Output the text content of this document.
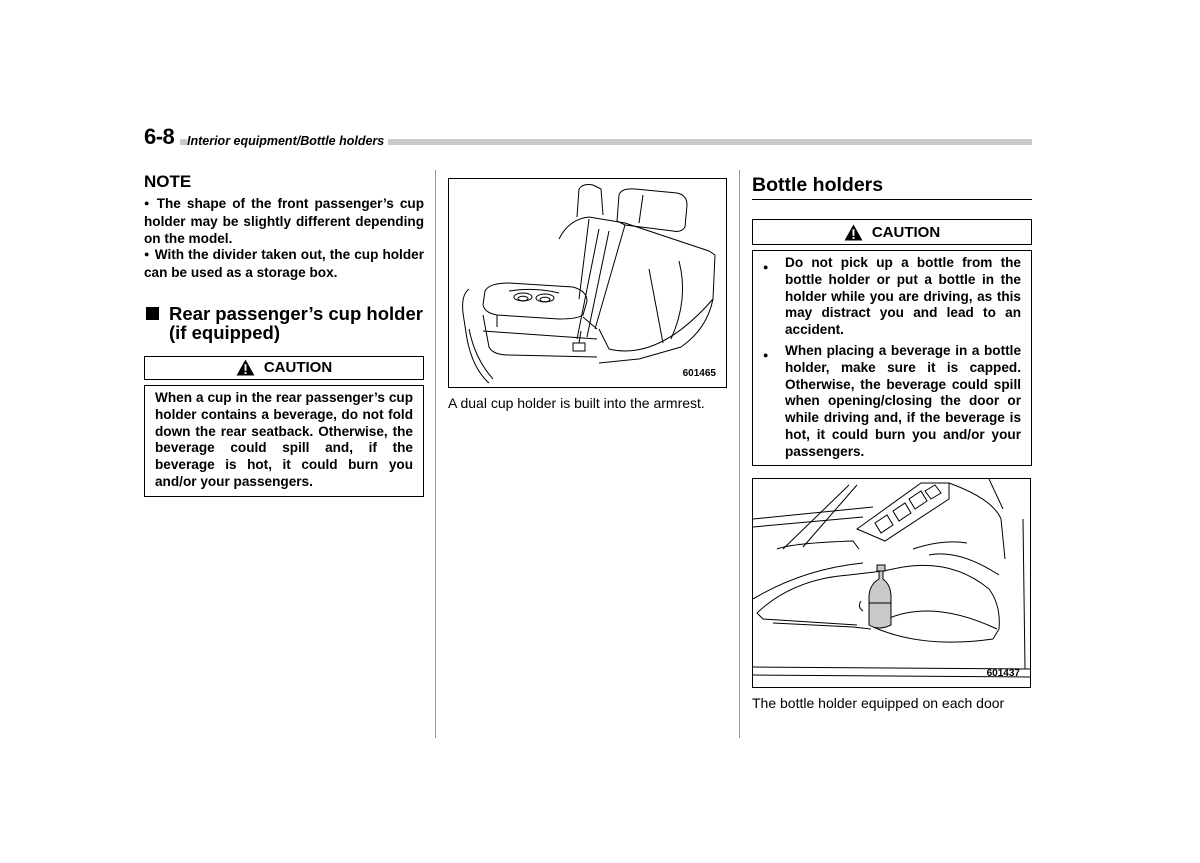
6-8	Interior equipment/Bottle holders
NOTE

● The shape of the front passenger’s cup holder may be slightly different depending on the model.

● With the divider taken out, the cup holder can be used as a storage box.

Rear passenger’s cup holder
(if equipped)
CAUTION
When a cup in the rear passenger’s cup holder contains a beverage, do not fold down the rear seatback. Otherwise, the beverage could spill and, if the beverage is hot, it could burn you and/or your passengers.
601465
A dual cup holder is built into the armrest.
Bottle holders
CAUTION
●	Do not pick up a bottle from the bottle holder or put a bottle in the holder while you are driving, as this may distract you and lead to an accident.
●	When placing a beverage in a bottle holder, make sure it is capped. Otherwise, the beverage could spill when opening/closing the door or while driving and, if the beverage is hot, it could burn you and/or your passengers.
601437
The bottle holder equipped on each door
